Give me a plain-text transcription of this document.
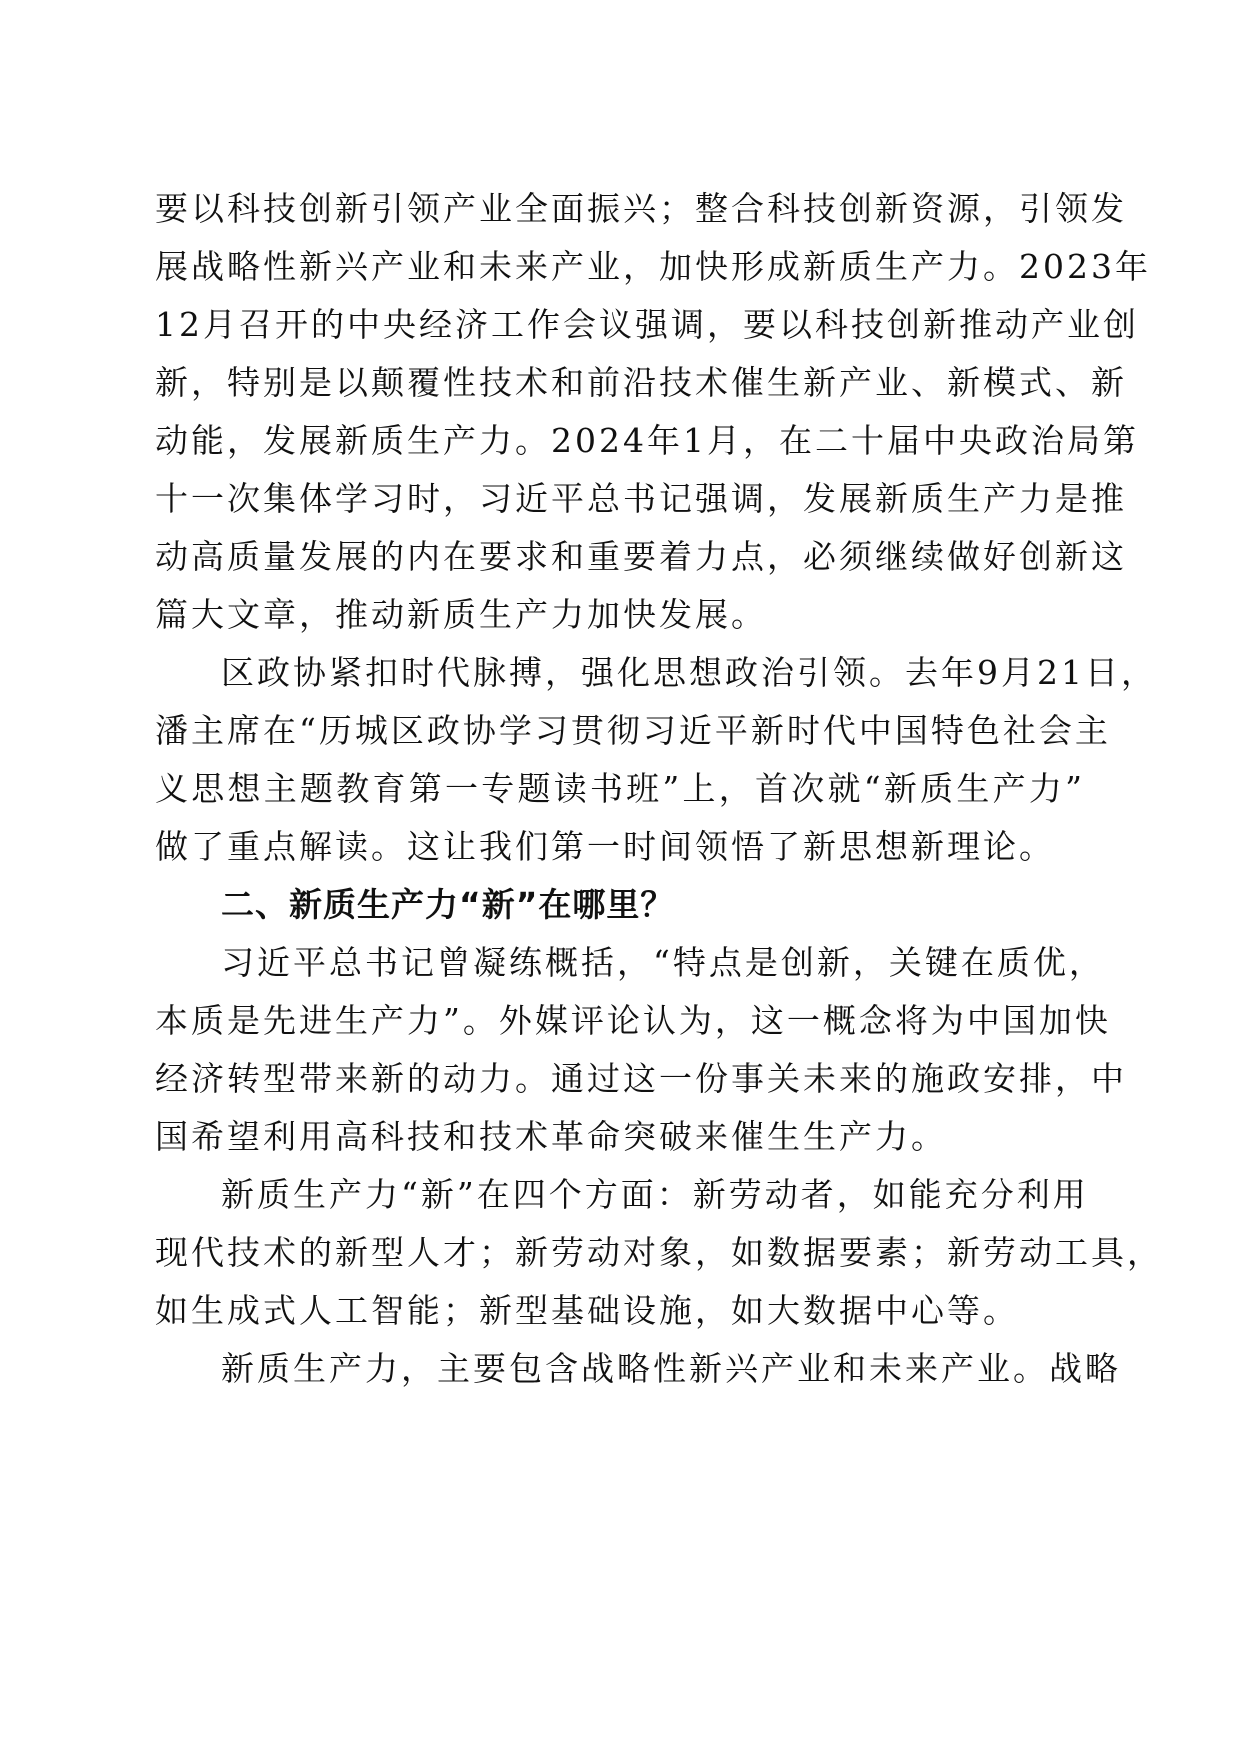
要以科技创新引领产业全面振兴；整合科技创新资源，引领发
展战略性新兴产业和未来产业，加快形成新质生产力。2023年
12月召开的中央经济工作会议强调，要以科技创新推动产业创
新，特别是以颠覆性技术和前沿技术催生新产业、新模式、新
动能，发展新质生产力。2024年1月，在二十届中央政治局第
十一次集体学习时，习近平总书记强调，发展新质生产力是推
动高质量发展的内在要求和重要着力点，必须继续做好创新这
篇大文章，推动新质生产力加快发展。
区政协紧扣时代脉搏，强化思想政治引领。去年9月21日，
潘主席在“历城区政协学习贯彻习近平新时代中国特色社会主
义思想主题教育第一专题读书班”上，首次就“新质生产力”
做了重点解读。这让我们第一时间领悟了新思想新理论。
二、新质生产力“新”在哪里？
习近平总书记曾凝练概括，“特点是创新，关键在质优，
本质是先进生产力”。外媒评论认为，这一概念将为中国加快
经济转型带来新的动力。通过这一份事关未来的施政安排，中
国希望利用高科技和技术革命突破来催生生产力。
新质生产力“新”在四个方面：新劳动者，如能充分利用
现代技术的新型人才；新劳动对象，如数据要素；新劳动工具，
如生成式人工智能；新型基础设施，如大数据中心等。
新质生产力，主要包含战略性新兴产业和未来产业。战略
